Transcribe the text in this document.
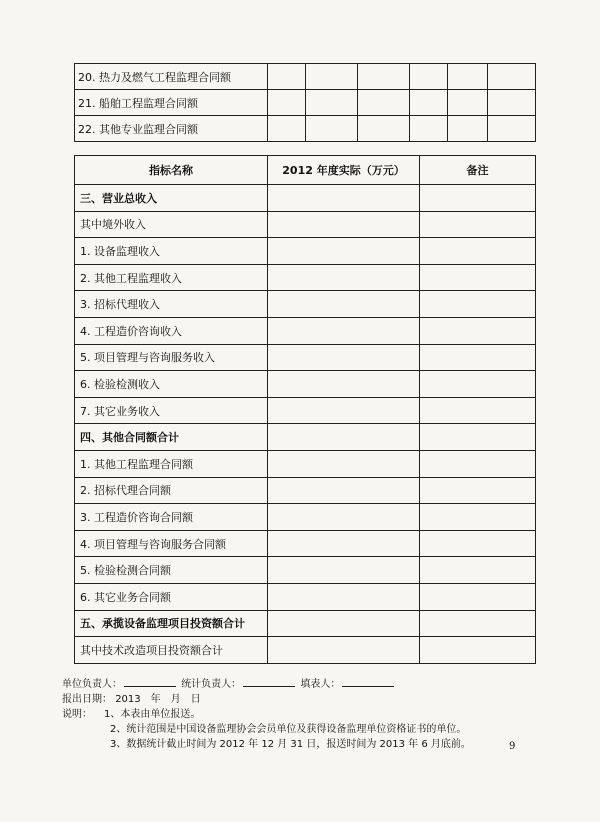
20. 热力及燃气工程监理合同额						
21. 船舶工程监理合同额						
22. 其他专业监理合同额						
指标名称	2012 年度实际（万元）	备注
三、营业总收入		
其中境外收入		
1. 设备监理收入		
2. 其他工程监理收入		
3. 招标代理收入		
4. 工程造价咨询收入		
5. 项目管理与咨询服务收入		
6. 检验检测收入		
7. 其它业务收入		
四、其他合同额合计		
1. 其他工程监理合同额		
2. 招标代理合同额		
3. 工程造价咨询合同额		
4. 项目管理与咨询服务合同额		
5. 检验检测合同额		
6. 其它业务合同额		
五、承揽设备监理项目投资额合计		
其中技术改造项目投资额合计		
单位负责人：	统计负责人：	填表人：
报出日期： 2013　年　月　日
说明： 1、本表由单位报送。
2、统计范围是中国设备监理协会会员单位及获得设备监理单位资格证书的单位。
3、数据统计截止时间为 2012 年 12 月 31 日，报送时间为 2013 年 6 月底前。	9
